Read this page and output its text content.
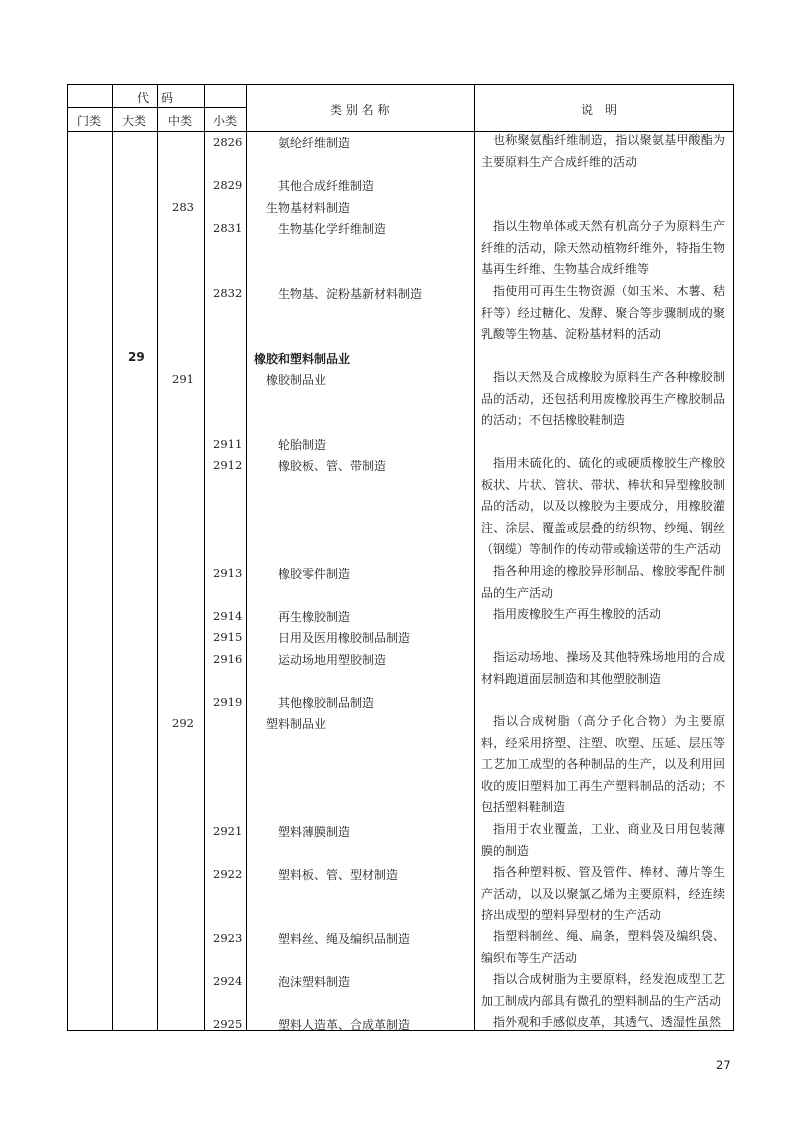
代　码
门类 大类 中类 小类
类 别 名 称	说　明
2826	氨纶纤维制造	也称聚氨酯纤维制造，指以聚氨基甲酸酯为主要原料生产合成纤维的活动
2829	其他合成纤维制造
283	生物基材料制造
2831	生物基化学纤维制造	指以生物单体或天然有机高分子为原料生产纤维的活动，除天然动植物纤维外，特指生物基再生纤维、生物基合成纤维等
2832	生物基、淀粉基新材料制造	指使用可再生生物资源（如玉米、木薯、秸秆等）经过糖化、发酵、聚合等步骤制成的聚乳酸等生物基、淀粉基材料的活动
29	橡胶和塑料制品业
291	橡胶制品业	指以天然及合成橡胶为原料生产各种橡胶制品的活动，还包括利用废橡胶再生产橡胶制品的活动；不包括橡胶鞋制造
2911	轮胎制造
2912	橡胶板、管、带制造	指用未硫化的、硫化的或硬质橡胶生产橡胶板状、片状、管状、带状、棒状和异型橡胶制品的活动，以及以橡胶为主要成分，用橡胶灌注、涂层、覆盖或层叠的纺织物、纱绳、钢丝（钢缆）等制作的传动带或输送带的生产活动
2913	橡胶零件制造	指各种用途的橡胶异形制品、橡胶零配件制品的生产活动
2914	再生橡胶制造	指用废橡胶生产再生橡胶的活动
2915	日用及医用橡胶制品制造
2916	运动场地用塑胶制造	指运动场地、操场及其他特殊场地用的合成材料跑道面层制造和其他塑胶制造
2919	其他橡胶制品制造
292	塑料制品业	指以合成树脂（高分子化合物）为主要原料，经采用挤塑、注塑、吹塑、压延、层压等工艺加工成型的各种制品的生产，以及利用回收的废旧塑料加工再生产塑料制品的活动；不包括塑料鞋制造
2921	塑料薄膜制造	指用于农业覆盖，工业、商业及日用包装薄膜的制造
2922	塑料板、管、型材制造	指各种塑料板、管及管件、棒材、薄片等生产活动，以及以聚氯乙烯为主要原料，经连续挤出成型的塑料异型材的生产活动
2923	塑料丝、绳及编织品制造	指塑料制丝、绳、扁条，塑料袋及编织袋、编织布等生产活动
2924	泡沫塑料制造	指以合成树脂为主要原料，经发泡成型工艺加工制成内部具有微孔的塑料制品的生产活动
2925	塑料人造革、合成革制造	指外观和手感似皮革，其透气、透湿性虽然
27
